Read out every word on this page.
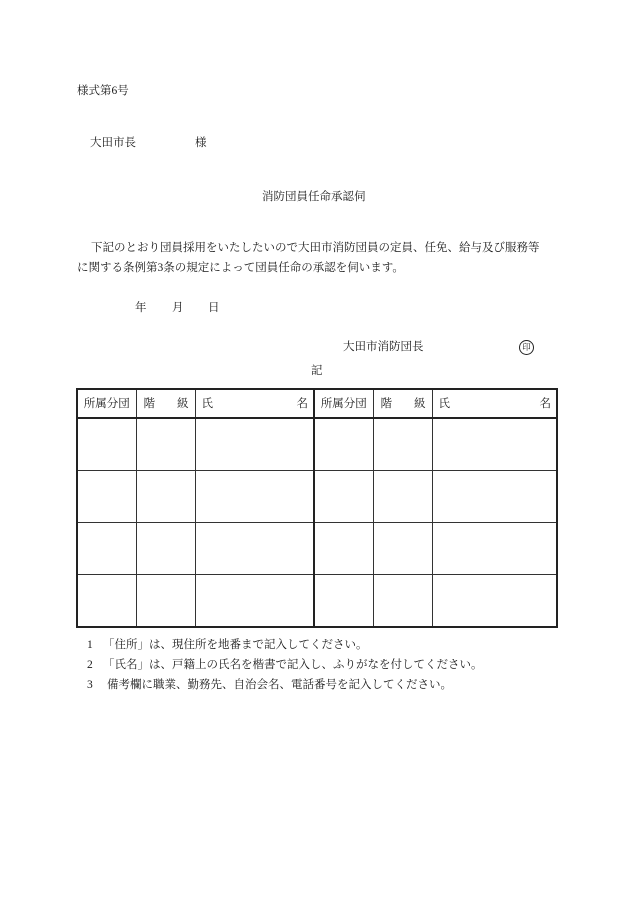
様式第6号
大田市長	様
消防団員任命承認伺
下記のとおり団員採用をいたしたいので大田市消防団員の定員、任免、給与及び服務等
に関する条例第3条の規定によって団員任命の承認を伺います。
年 月 日
大田市消防団長	印
記
所属分団	階 級	氏 名	所属分団	階 級	氏 名

1 「住所」は、現住所を地番まで記入してください。
2 「氏名」は、戸籍上の氏名を楷書で記入し、ふりがなを付してください。
3 備考欄に職業、勤務先、自治会名、電話番号を記入してください。
